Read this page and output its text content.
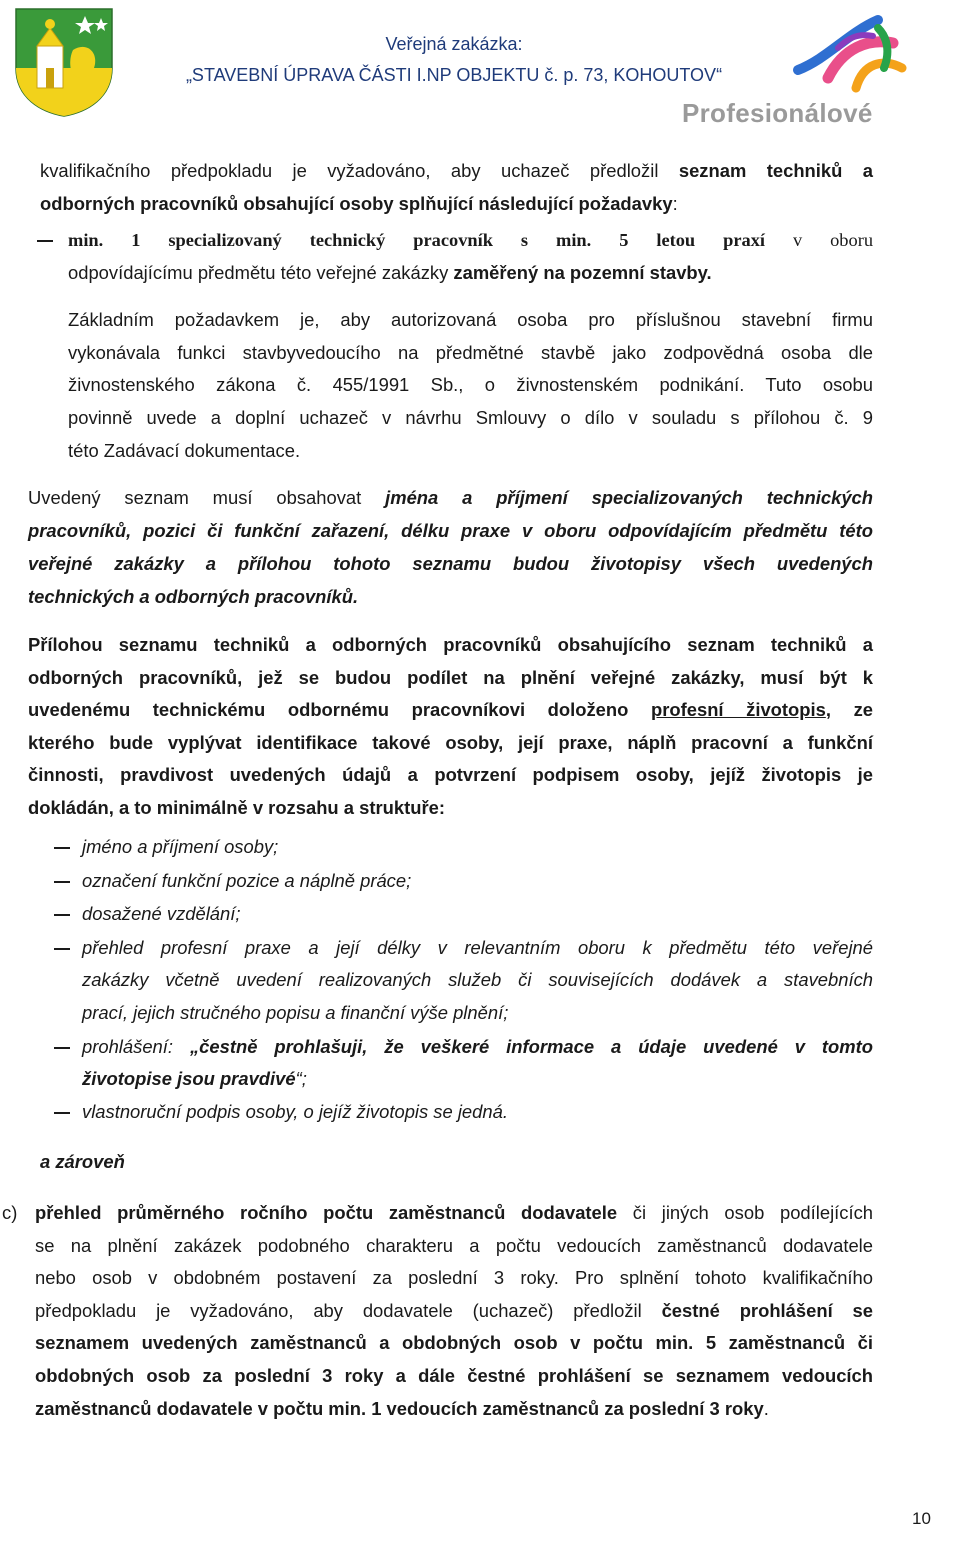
Veřejná zakázka:
„STAVEBNÍ ÚPRAVA ČÁSTI I.NP OBJEKTU č. p. 73, KOHOUTOV“
Profesionálové
kvalifikačního předpokladu je vyžadováno, aby uchazeč předložil seznam techniků a
odborných pracovníků obsahující osoby splňující následující požadavky:
min. 1 specializovaný technický pracovník s min. 5 letou praxí v oboru
odpovídajícímu předmětu této veřejné zakázky zaměřený na pozemní stavby.
Základním požadavkem je, aby autorizovaná osoba pro příslušnou stavební firmu
vykonávala funkci stavbyvedoucího na předmětné stavbě jako zodpovědná osoba dle
živnostenského zákona č. 455/1991 Sb., o živnostenském podnikání. Tuto osobu
povinně uvede a doplní uchazeč v návrhu Smlouvy o dílo v souladu s přílohou č. 9
této Zadávací dokumentace.
Uvedený seznam musí obsahovat jména a příjmení specializovaných technických
pracovníků, pozici či funkční zařazení, délku praxe v oboru odpovídajícím předmětu této
veřejné zakázky a přílohou tohoto seznamu budou životopisy všech uvedených
technických a odborných pracovníků.
Přílohou seznamu techniků a odborných pracovníků obsahujícího seznam techniků a
odborných pracovníků, jež se budou podílet na plnění veřejné zakázky, musí být k
uvedenému technickému odbornému pracovníkovi doloženo profesní životopis, ze
kterého bude vyplývat identifikace takové osoby, její praxe, náplň pracovní a funkční
činnosti, pravdivost uvedených údajů a potvrzení podpisem osoby, jejíž životopis je
dokládán, a to minimálně v rozsahu a struktuře:
jméno a příjmení osoby;
označení funkční pozice a náplně práce;
dosažené vzdělání;
přehled profesní praxe a její délky v relevantním oboru k předmětu této veřejné
zakázky včetně uvedení realizovaných služeb či souvisejících dodávek a stavebních
prací, jejich stručného popisu a finanční výše plnění;
prohlášení: „čestně prohlašuji, že veškeré informace a údaje uvedené v tomto
životopise jsou pravdivé“;
vlastnoruční podpis osoby, o jejíž životopis se jedná.
a zároveň
c) přehled průměrného ročního počtu zaměstnanců dodavatele či jiných osob podílejících
se na plnění zakázek podobného charakteru a počtu vedoucích zaměstnanců dodavatele
nebo osob v obdobném postavení za poslední 3 roky. Pro splnění tohoto kvalifikačního
předpokladu je vyžadováno, aby dodavatele (uchazeč) předložil čestné prohlášení se
seznamem uvedených zaměstnanců a obdobných osob v počtu min. 5 zaměstnanců či
obdobných osob za poslední 3 roky a dále čestné prohlášení se seznamem vedoucích
zaměstnanců dodavatele v počtu min. 1 vedoucích zaměstnanců za poslední 3 roky.
10
